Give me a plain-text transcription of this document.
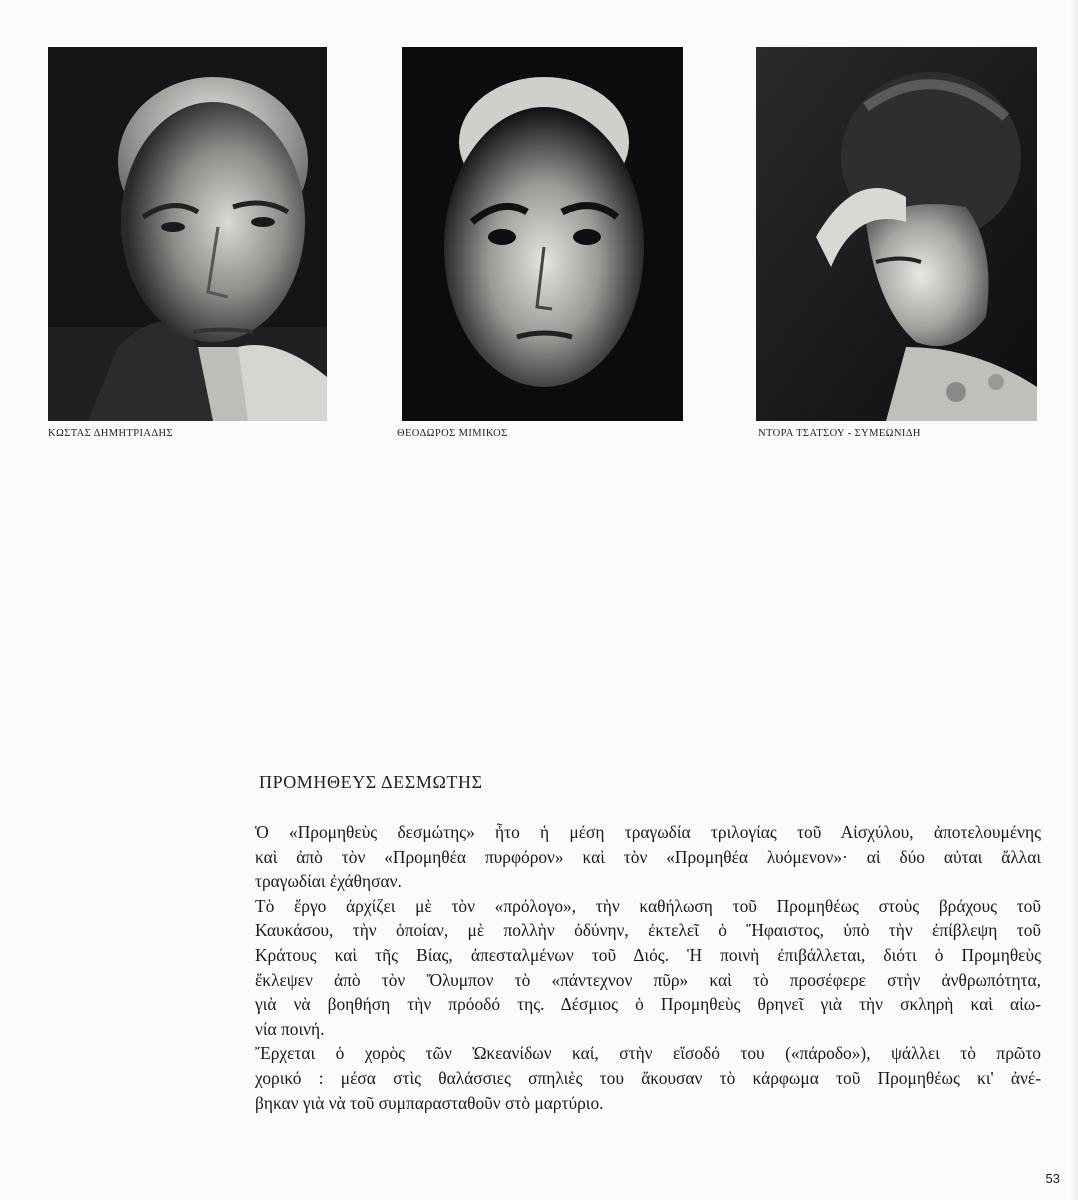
ΚΩΣΤΑΣ ΔΗΜΗΤΡΙΑΔΗΣ	ΘΕΟΔΩΡΟΣ ΜΙΜΙΚΟΣ	ΝΤΟΡΑ ΤΣΑΤΣΟΥ - ΣΥΜΕΩΝΙΔΗ
ΠΡΟΜΗΘΕΥΣ ΔΕΣΜΩΤΗΣ

Ὁ «Προμηθεὺς δεσμώτης» ἦτο ἡ μέση τραγωδία τριλογίας τοῦ Αἰσχύλου, ἀποτελουμένης
καὶ ἀπὸ τὸν «Προμηθέα πυρφόρον» καὶ τὸν «Προμηθέα λυόμενον»· αἱ δύο αὐται ἄλλαι
τραγωδίαι ἐχάθησαν.

Τὸ ἔργο ἀρχίζει μὲ τὸν «πρόλογο», τὴν καθήλωση τοῦ Προμηθέως στοὺς βράχους τοῦ
Καυκάσου, τὴν ὁποίαν, μὲ πολλὴν ὀδύνην, ἐκτελεῖ ὁ Ἥφαιστος, ὑπὸ τὴν ἐπίβλεψη τοῦ
Κράτους καὶ τῆς Βίας, ἀπεσταλμένων τοῦ Διός. Ἡ ποινὴ ἐπιβάλλεται, διότι ὁ Προμηθεὺς
ἔκλεψεν ἀπὸ τὸν Ὄλυμπον τὸ «πάντεχνον πῦρ» καὶ τὸ προσέφερε στὴν ἀνθρωπότητα,
γιὰ νὰ βοηθήση τὴν πρόοδό της. Δέσμιος ὁ Προμηθεὺς θρηνεῖ γιὰ τὴν σκληρὴ καὶ αἰω-
νία ποινή.

Ἔρχεται ὁ χορὸς τῶν Ὠκεανίδων καί, στὴν εἴσοδό του («πάροδο»), ψάλλει τὸ πρῶτο
χορικό : μέσα στὶς θαλάσσιες σπηλιὲς του ἄκουσαν τὸ κάρφωμα τοῦ Προμηθέως κι' ἀνέ-
βηκαν γιὰ νὰ τοῦ συμπαρασταθοῦν στὸ μαρτύριο.

53
